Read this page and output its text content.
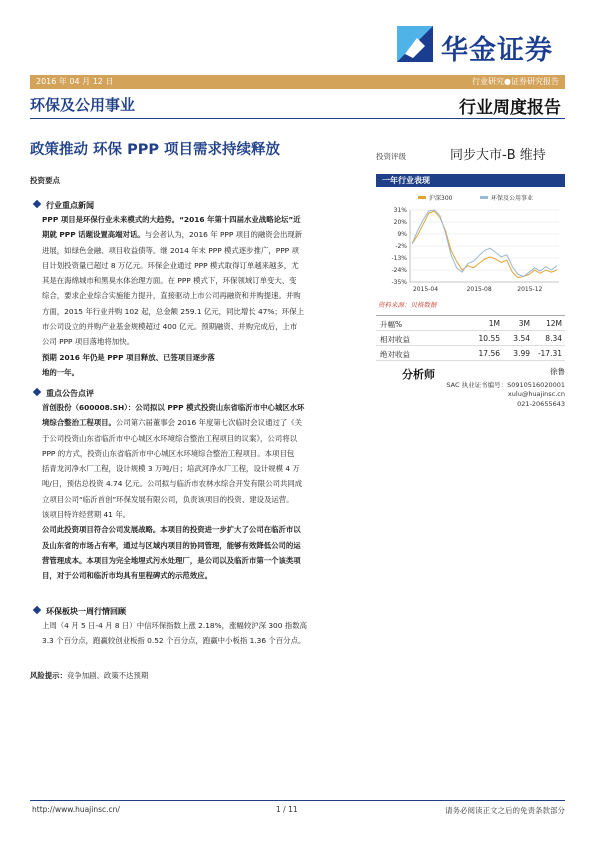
华金证券
2016 年 04 月 12 日	行业研究●证券研究报告
环保及公用事业	行业周度报告
政策推动 环保 PPP 项目需求持续释放	投资评级	同步大市-B 维持
投资要点
行业重点新闻
PPP 项目是环保行业未来模式的大趋势。“2016 年第十四届水业战略论坛”近
期就 PPP 话题设置高端对话。与会者认为，2016 年 PPP 项目的融资会出现新
进展，如绿色金融、项目收益债等。继 2014 年末 PPP 模式逐步推广，PPP 项
目计划投资量已超过 8 万亿元。环保企业通过 PPP 模式取得订单越来越多，尤
其是在海绵城市和黑臭水体治理方面。在 PPP 模式下，环保领域订单变大、变
综合，要求企业综合实施能力提升，直接驱动上市公司再融资和并购提速。并购
方面，2015 年行业并购 102 起，总金额 259.1 亿元，同比增长 47%；环保上
市公司设立的并购产业基金规模超过 400 亿元。预期融资、并购完成后，上市
公司 PPP 项目落地将加快。
预期 2016 年仍是 PPP 项目释放、已签项目逐步落
地的一年。
重点公告点评
首创股份（600008.SH）：公司拟以 PPP 模式投资山东省临沂市中心城区水环
境综合整治工程项目。公司第六届董事会 2016 年度第七次临时会议通过了《关
于公司投资山东省临沂市中心城区水环境综合整治工程项目的议案》，公司将以
PPP 的方式，投资山东省临沂市中心城区水环境综合整治工程项目。本项目包
括青龙河净水厂工程，设计规模 3 万吨/日；培武河净水厂工程，设计规模 4 万
吨/日，预估总投资 4.74 亿元。公司拟与临沂市农林水综合开发有限公司共同成
立项目公司“临沂首创”环保发展有限公司，负责该项目的投资、建设及运营。
该项目特许经营期 41 年。
公司此投资项目符合公司发展战略。本项目的投资进一步扩大了公司在临沂市以
及山东省的市场占有率，通过与区域内项目的协同管理，能够有效降低公司的运
营管理成本。本项目为完全地埋式污水处理厂，是公司以及临沂市第一个该类项
目，对于公司和临沂市均具有里程碑式的示范效应。
环保板块一周行情回顾
上周（4 月 5 日-4 月 8 日）中信环保指数上涨 2.18%，涨幅较沪深 300 指数高
3.3 个百分点，跑赢较创业板指 0.52 个百分点，跑赢中小板指 1.36 个百分点。
风险提示：竞争加剧、政策不达预期
一年行业表现
沪深300	环保及公用事业
31%
20%
9%
-2%
-13%
-24%
-35%
2015-04	2015-08	2015-12
资料来源：贝格数据
升幅%	1M	3M	12M
相对收益	10.55	3.54	8.34
绝对收益	17.56	3.99	-17.31
分析师	徐鲁
SAC 执业证书编号：S0910516020001
xulu@huajinsc.cn
021-20655643
http://www.huajinsc.cn/	1 / 11	请务必阅读正文之后的免责条款部分
